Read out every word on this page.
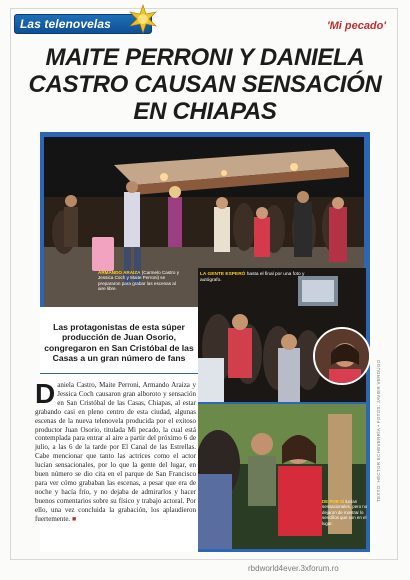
Las telenovelas	'Mi pecado'
MAITE PERRONI Y DANIELA CASTRO CAUSAN SENSACIÓN EN CHIAPAS
ARMANDO ARAIZA (Carmelo Castro y Jessica Coch y Maite Perroni) se prepararon para grabar las escenas al aire libre.
LA GENTE ESPERÓ hasta el final por una foto y autógrafo.
DE POR SÍ lucían sensacionales, pero no dejaron de mostrar lo sencillos que son en el lugar.

Las protagonistas de esta súper producción de Juan Osorio, congregaron en San Cristóbal de las Casas a un gran número de fans

D aniela Castro, Maite Perroni, Armando Araiza y Jessica Coch causaron gran alboroto y sensación en San Cristóbal de las Casas, Chiapas, al estar grabando casi en pleno centro de esta ciudad, algunas escenas de la nueva telenovela producida por el exitoso productor Juan Osorio, titulada Mi pecado, la cual está contemplada para entrar al aire a partir del próximo 6 de julio, a las 6 de la tarde por El Canal de las Estrellas. Cabe mencionar que tanto las actrices como el actor lucían sensacionales, por lo que la gente del lugar, en buen número se dio cita en el parque de San Francisco para ver cómo grababan las escenas, a pesar que era de noche y hacía frío, y no dejaba de admirarlos y hacer buenos comentarios sobre su físico y trabajo actoral. Por ello, una vez concluida la grabación, los aplaudieron fuertemente. ■
TEXTO: HÉCTOR ECHEVERRÍA • FOTOS: JAVIER VERDUGO
rbdworld4ever.3xforum.ro
